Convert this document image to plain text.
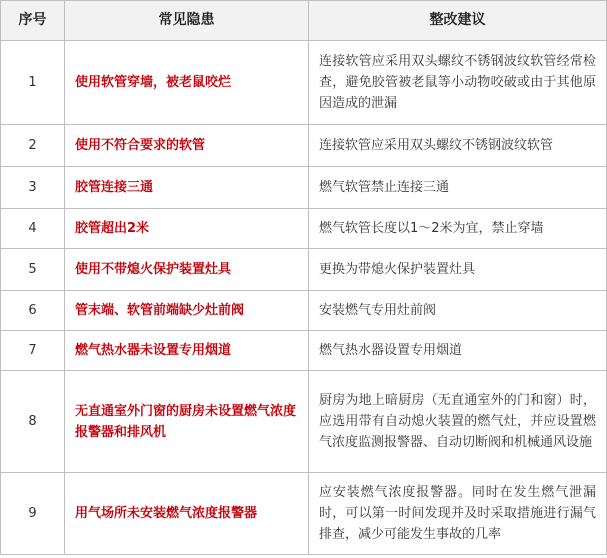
序号	常见隐患	整改建议
1	使用软管穿墙，被老鼠咬烂	连接软管应采用双头螺纹不锈钢波纹软管经常检查，避免胶管被老鼠等小动物咬破或由于其他原因造成的泄漏
2	使用不符合要求的软管	连接软管应采用双头螺纹不锈钢波纹软管
3	胶管连接三通	燃气软管禁止连接三通
4	胶管超出2米	燃气软管长度以1～2米为宜，禁止穿墙
5	使用不带熄火保护装置灶具	更换为带熄火保护装置灶具
6	管末端、软管前端缺少灶前阀	安装燃气专用灶前阀
7	燃气热水器未设置专用烟道	燃气热水器设置专用烟道
8	无直通室外门窗的厨房未设置燃气浓度报警器和排风机	厨房为地上暗厨房（无直通室外的门和窗）时，应选用带有自动熄火装置的燃气灶，并应设置燃气浓度监测报警器、自动切断阀和机械通风设施
9	用气场所未安装燃气浓度报警器	应安装燃气浓度报警器。同时在发生燃气泄漏时，可以第一时间发现并及时采取措施进行漏气排查，减少可能发生事故的几率
